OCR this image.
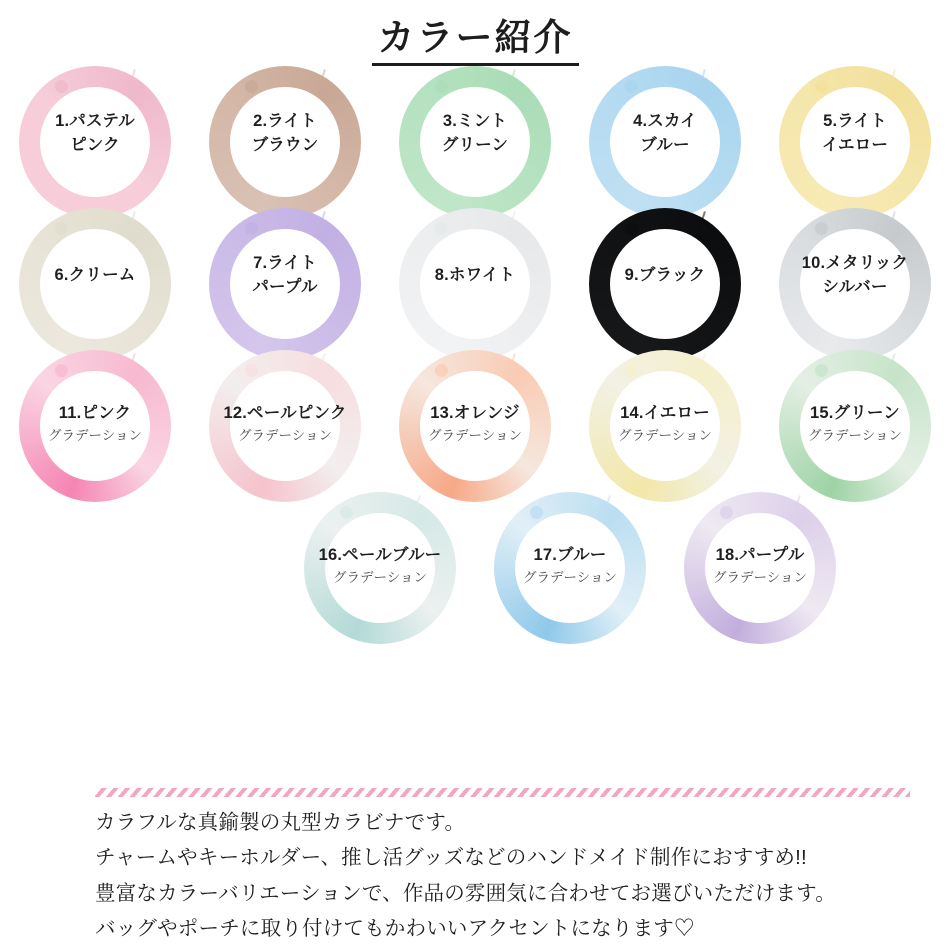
カラー紹介
1.パステル
ピンク
2.ライト
ブラウン
3.ミント
グリーン
4.スカイ
ブルー
5.ライト
イエロー
6.クリーム
7.ライト
パープル
8.ホワイト	9.ブラック
10.メタリック
シルバー
11.ピンク
グラデーション
12.ペールピンク
グラデーション
13.オレンジ
グラデーション
14.イエロー
グラデーション
15.グリーン
グラデーション
16.ペールブルー
グラデーション
17.ブルー
グラデーション
18.パープル
グラデーション

カラフルな真鍮製の丸型カラビナです。

チャームやキーホルダー、推し活グッズなどのハンドメイド制作におすすめ!!

豊富なカラーバリエーションで、作品の雰囲気に合わせてお選びいただけます。

バッグやポーチに取り付けてもかわいいアクセントになります♡
